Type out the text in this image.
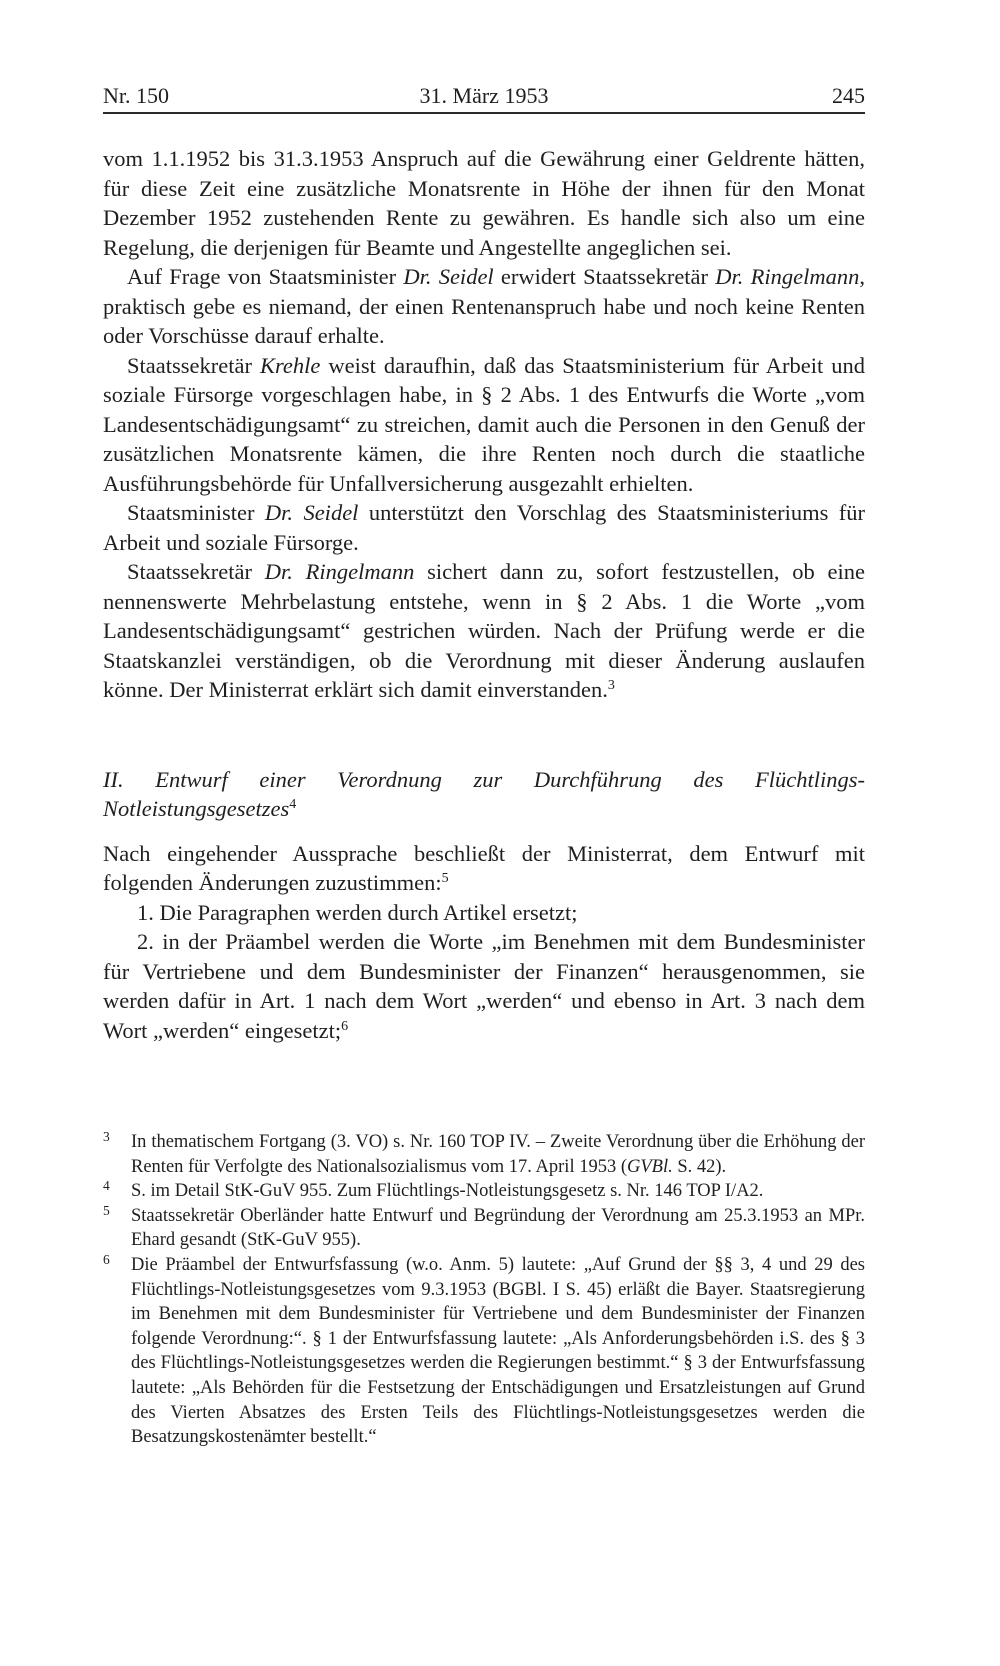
Nr. 150	31. März 1953	245

vom 1.1.1952 bis 31.3.1953 Anspruch auf die Gewährung einer Geldrente hätten, für diese Zeit eine zusätzliche Monatsrente in Höhe der ihnen für den Monat Dezember 1952 zustehenden Rente zu gewähren. Es handle sich also um eine Regelung, die derjenigen für Beamte und Angestellte angeglichen sei.

Auf Frage von Staatsminister Dr. Seidel erwidert Staatssekretär Dr. Ringelmann, praktisch gebe es niemand, der einen Rentenanspruch habe und noch keine Renten oder Vorschüsse darauf erhalte.

Staatssekretär Krehle weist daraufhin, daß das Staatsministerium für Arbeit und soziale Fürsorge vorgeschlagen habe, in § 2 Abs. 1 des Entwurfs die Worte „vom Landesentschädigungsamt“ zu streichen, damit auch die Personen in den Genuß der zusätzlichen Monatsrente kämen, die ihre Renten noch durch die staatliche Ausführungsbehörde für Unfallversicherung ausgezahlt erhielten.

Staatsminister Dr. Seidel unterstützt den Vorschlag des Staatsministeriums für Arbeit und soziale Fürsorge.

Staatssekretär Dr. Ringelmann sichert dann zu, sofort festzustellen, ob eine nennenswerte Mehrbelastung entstehe, wenn in § 2 Abs. 1 die Worte „vom Landesentschädigungsamt“ gestrichen würden. Nach der Prüfung werde er die Staatskanzlei verständigen, ob die Verordnung mit dieser Änderung auslaufen könne. Der Ministerrat erklärt sich damit einverstanden.$^3$

II. Entwurf einer Verordnung zur Durchführung des Flüchtlings-Notleistungsgesetzes$^4$

Nach eingehender Aussprache beschließt der Ministerrat, dem Entwurf mit folgenden Änderungen zuzustimmen:$^5$

1. Die Paragraphen werden durch Artikel ersetzt;

2. in der Präambel werden die Worte „im Benehmen mit dem Bundesminister für Vertriebene und dem Bundesminister der Finanzen“ herausgenommen, sie werden dafür in Art. 1 nach dem Wort „werden“ und ebenso in Art. 3 nach dem Wort „werden“ eingesetzt;$^6$

3 In thematischem Fortgang (3. VO) s. Nr. 160 TOP IV. – Zweite Verordnung über die Erhöhung der Renten für Verfolgte des Nationalsozialismus vom 17. April 1953 (GVBl. S. 42).
4 S. im Detail StK-GuV 955. Zum Flüchtlings-Notleistungsgesetz s. Nr. 146 TOP I/A2.
5 Staatssekretär Oberländer hatte Entwurf und Begründung der Verordnung am 25.3.1953 an MPr. Ehard gesandt (StK-GuV 955).
6 Die Präambel der Entwurfsfassung (w.o. Anm. 5) lautete: „Auf Grund der §§ 3, 4 und 29 des Flüchtlings-Notleistungsgesetzes vom 9.3.1953 (BGBl. I S. 45) erläßt die Bayer. Staatsregierung im Benehmen mit dem Bundesminister für Vertriebene und dem Bundesminister der Finanzen folgende Verordnung:“. § 1 der Entwurfsfassung lautete: „Als Anforderungsbehörden i.S. des § 3 des Flüchtlings-Notleistungsgesetzes werden die Regierungen bestimmt.“ § 3 der Entwurfsfassung lautete: „Als Behörden für die Festsetzung der Entschädigungen und Ersatzleistungen auf Grund des Vierten Absatzes des Ersten Teils des Flüchtlings-Notleistungsgesetzes werden die Besatzungskostenämter bestellt.“
